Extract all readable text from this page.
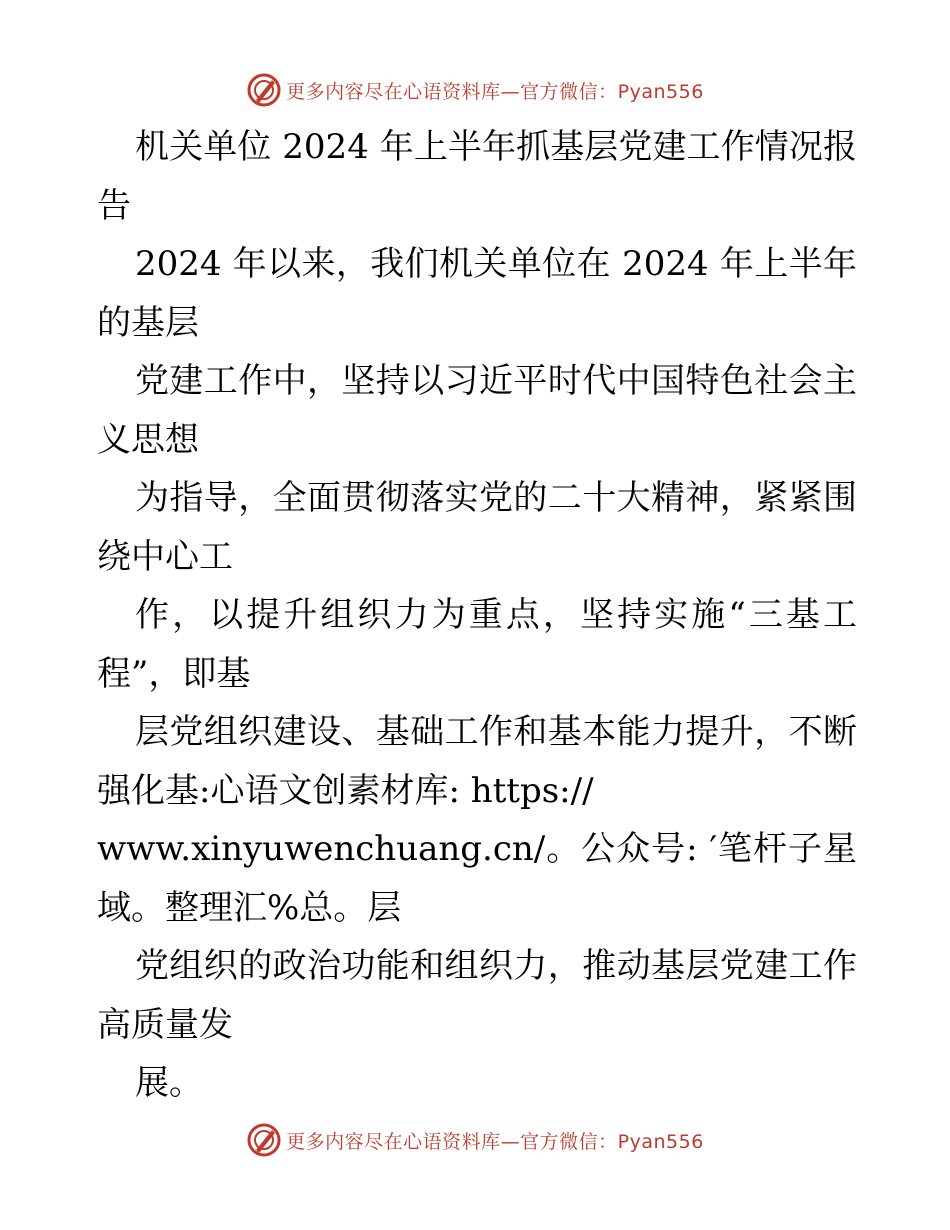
更多内容尽在心语资料库—官方微信：Pyan556

机关单位 2024 年上半年抓基层党建工作情况报告

2024 年以来，我们机关单位在 2024 年上半年的基层

党建工作中，坚持以习近平时代中国特色社会主义思想

为指导，全面贯彻落实党的二十大精神，紧紧围绕中心工

作，以提升组织力为重点，坚持实施“三基工程”，即基

层党组织建设、基础工作和基本能力提升，不断强化基:心语文创素材库: https://

www.xinyuwenchuang.cn/。公众号: ′笔杆子星域。整理汇%总。层

党组织的政治功能和组织力，推动基层党建工作高质量发

展。

更多内容尽在心语资料库—官方微信：Pyan556
